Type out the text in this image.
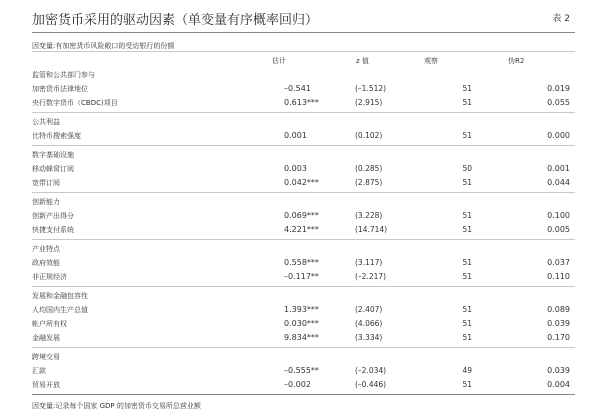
加密货币采用的驱动因素（单变量有序概率回归）	表 2
因变量:有加密货币风险敞口的受访银行的份额
估计	z 值	观察	伪R2
监管和公共部门参与
加密货币法律地位	–0.541	(–1.512)	51	0.019
央行数字货币（CBDC)项目	0.613***	(2.915)	51	0.055
公共利益
比特币搜索强度	0.001	(0.102)	51	0.000
数字基础设施
移动蜂窝订阅	0.003	(0.285)	50	0.001
宽带订阅	0.042***	(2.875)	51	0.044
创新能力
创新产出得分	0.069***	(3.228)	51	0.100
快捷支付系统	4.221***	(14.714)	51	0.005
产业特点
政府效能	0.558***	(3.117)	51	0.037
非正规经济	–0.117**	(–2.217)	51	0.110
发展和金融包容性
人均国内生产总值	1.393***	(2.407)	51	0.089
帐户所有权	0.030***	(4.066)	51	0.039
金融发展	9.834***	(3.334)	51	0.170
跨境交易
汇款	–0.555**	(–2.034)	49	0.039
贸易开放	–0.002	(–0.446)	51	0.004
因变量:记录每个国家 GDP 的加密货币交易所总营业额
